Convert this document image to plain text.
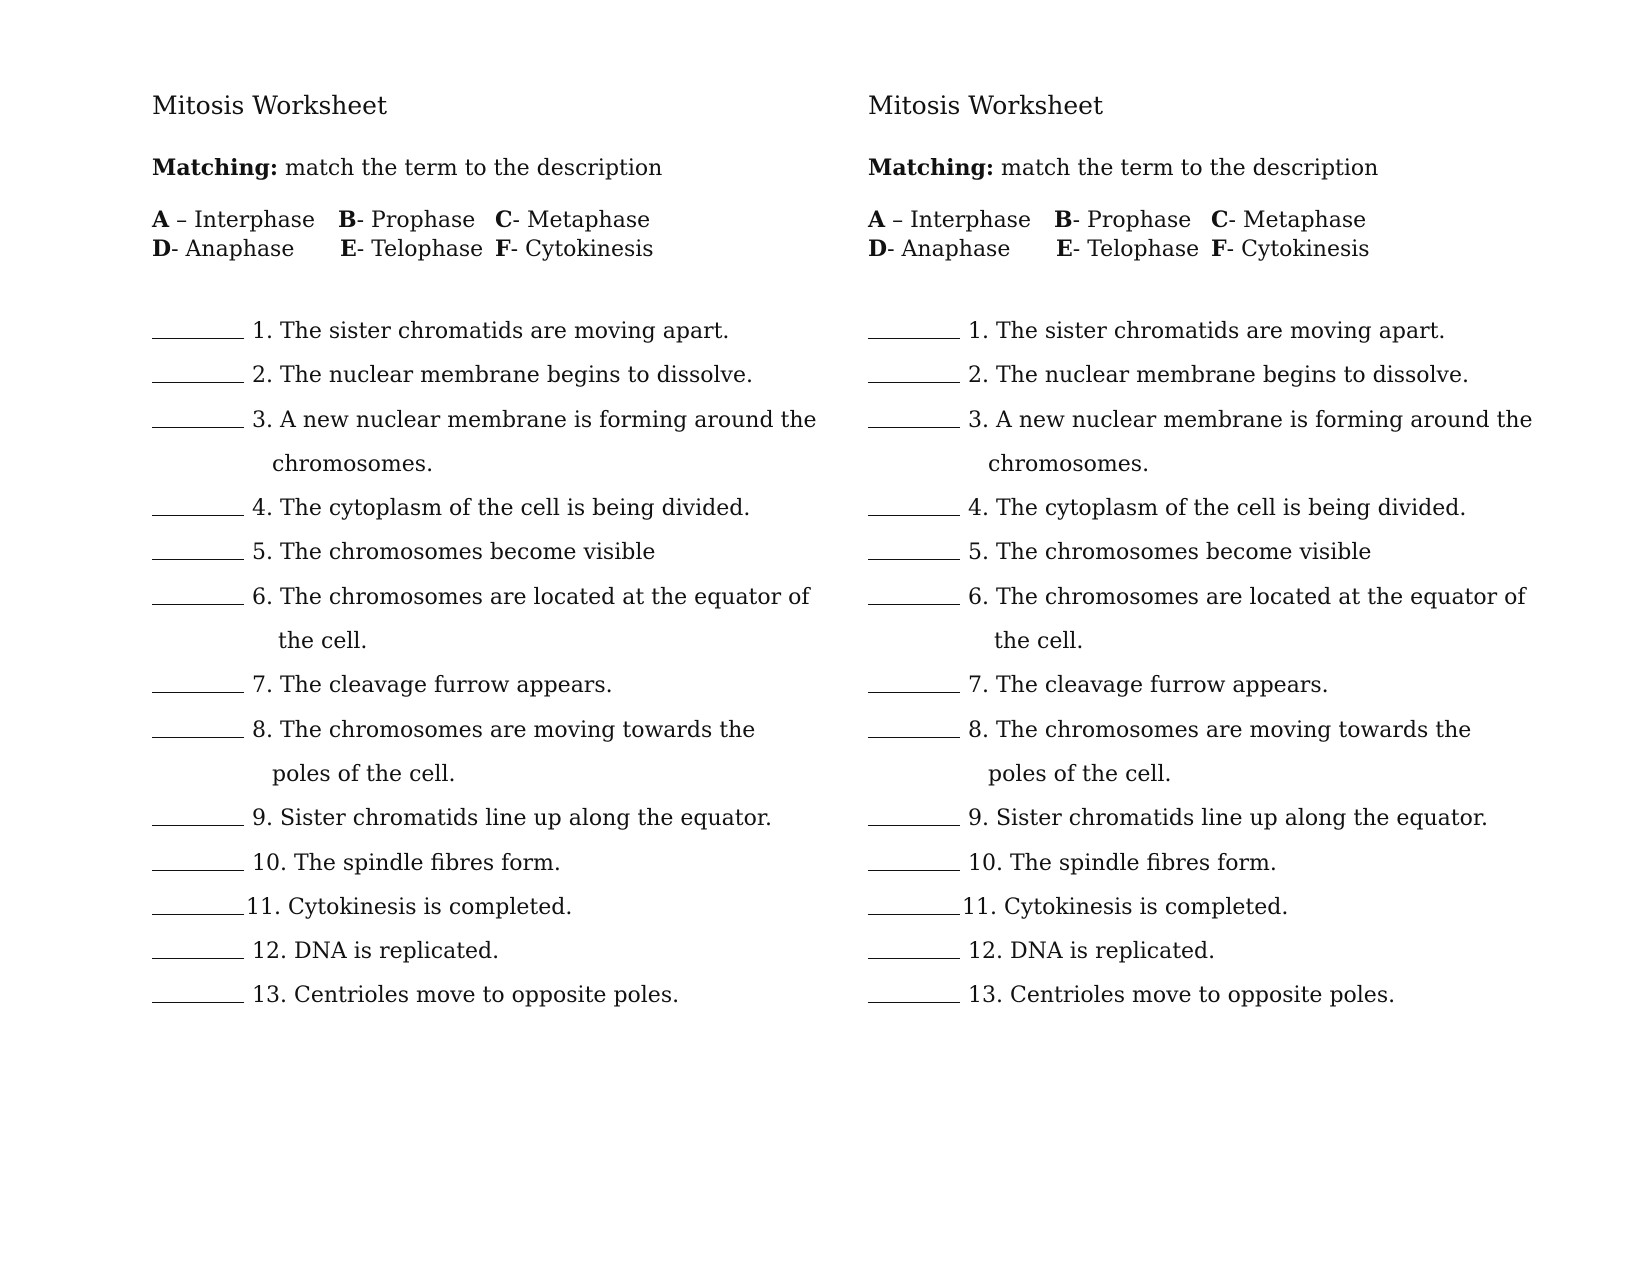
Mitosis Worksheet
Matching: match the term to the description
A – Interphase B- Prophase C- Metaphase
D- Anaphase E- Telophase F- Cytokinesis
1. The sister chromatids are moving apart.
2. The nuclear membrane begins to dissolve.
3. A new nuclear membrane is forming around the
chromosomes.
4. The cytoplasm of the cell is being divided.
5. The chromosomes become visible
6. The chromosomes are located at the equator of
the cell.
7. The cleavage furrow appears.
8. The chromosomes are moving towards the
poles of the cell.
9. Sister chromatids line up along the equator.
10. The spindle fibres form.
11. Cytokinesis is completed.
12. DNA is replicated.
13. Centrioles move to opposite poles.
Mitosis Worksheet
Matching: match the term to the description
A – Interphase B- Prophase C- Metaphase
D- Anaphase E- Telophase F- Cytokinesis
1. The sister chromatids are moving apart.
2. The nuclear membrane begins to dissolve.
3. A new nuclear membrane is forming around the
chromosomes.
4. The cytoplasm of the cell is being divided.
5. The chromosomes become visible
6. The chromosomes are located at the equator of
the cell.
7. The cleavage furrow appears.
8. The chromosomes are moving towards the
poles of the cell.
9. Sister chromatids line up along the equator.
10. The spindle fibres form.
11. Cytokinesis is completed.
12. DNA is replicated.
13. Centrioles move to opposite poles.
